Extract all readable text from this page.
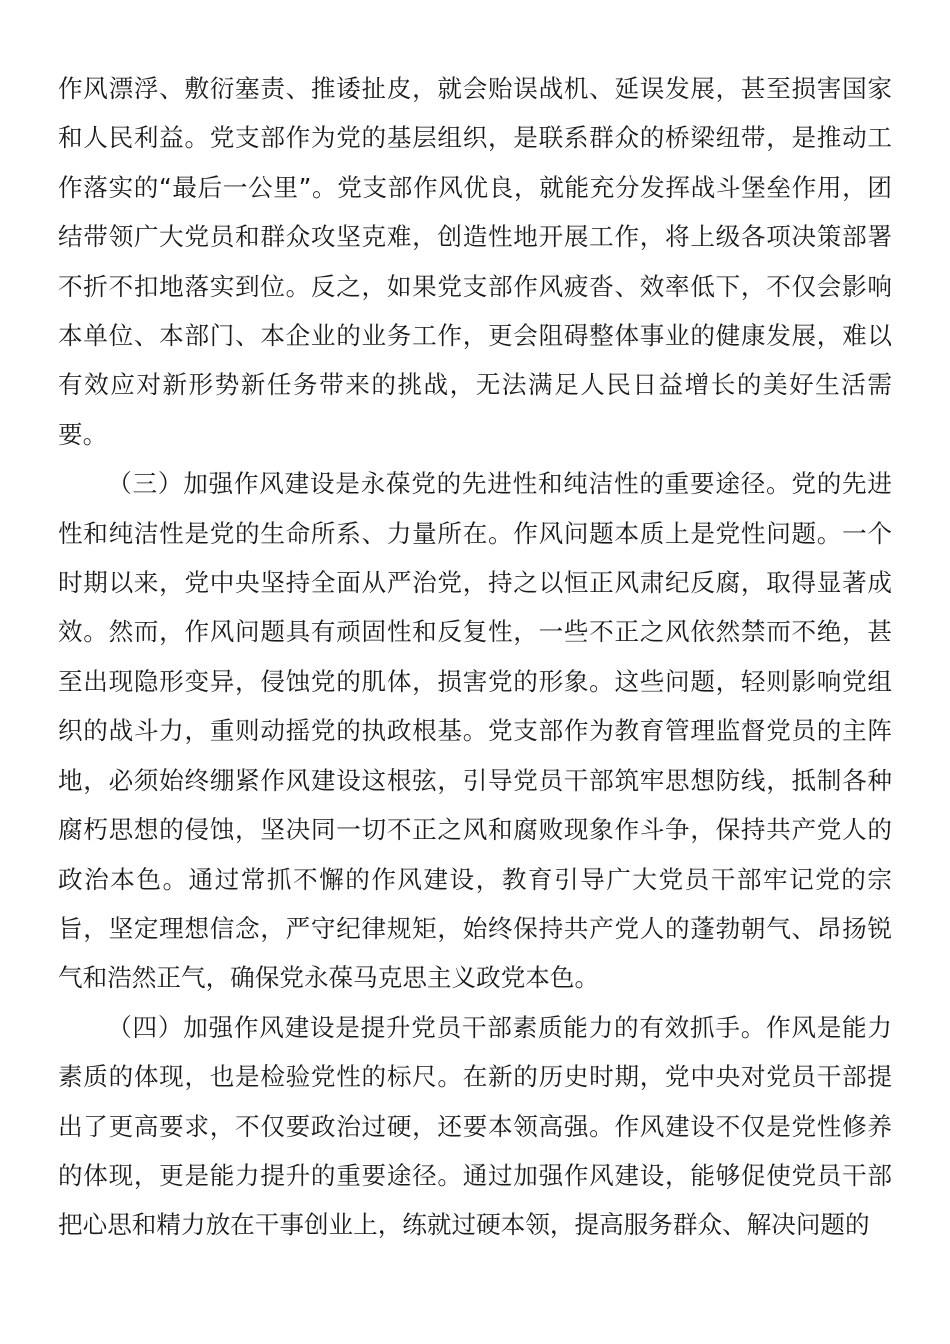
作风漂浮、敷衍塞责、推诿扯皮，就会贻误战机、延误发展，甚至损害国家和人民利益。党支部作为党的基层组织，是联系群众的桥梁纽带，是推动工作落实的“最后一公里”。党支部作风优良，就能充分发挥战斗堡垒作用，团结带领广大党员和群众攻坚克难，创造性地开展工作，将上级各项决策部署不折不扣地落实到位。反之，如果党支部作风疲沓、效率低下，不仅会影响本单位、本部门、本企业的业务工作，更会阻碍整体事业的健康发展，难以有效应对新形势新任务带来的挑战，无法满足人民日益增长的美好生活需要。

（三）加强作风建设是永葆党的先进性和纯洁性的重要途径。党的先进性和纯洁性是党的生命所系、力量所在。作风问题本质上是党性问题。一个时期以来，党中央坚持全面从严治党，持之以恒正风肃纪反腐，取得显著成效。然而，作风问题具有顽固性和反复性，一些不正之风依然禁而不绝，甚至出现隐形变异，侵蚀党的肌体，损害党的形象。这些问题，轻则影响党组织的战斗力，重则动摇党的执政根基。党支部作为教育管理监督党员的主阵地，必须始终绷紧作风建设这根弦，引导党员干部筑牢思想防线，抵制各种腐朽思想的侵蚀，坚决同一切不正之风和腐败现象作斗争，保持共产党人的政治本色。通过常抓不懈的作风建设，教育引导广大党员干部牢记党的宗旨，坚定理想信念，严守纪律规矩，始终保持共产党人的蓬勃朝气、昂扬锐气和浩然正气，确保党永葆马克思主义政党本色。

（四）加强作风建设是提升党员干部素质能力的有效抓手。作风是能力素质的体现，也是检验党性的标尺。在新的历史时期，党中央对党员干部提出了更高要求，不仅要政治过硬，还要本领高强。作风建设不仅是党性修养的体现，更是能力提升的重要途径。通过加强作风建设，能够促使党员干部把心思和精力放在干事创业上，练就过硬本领，提高服务群众、解决问题的
